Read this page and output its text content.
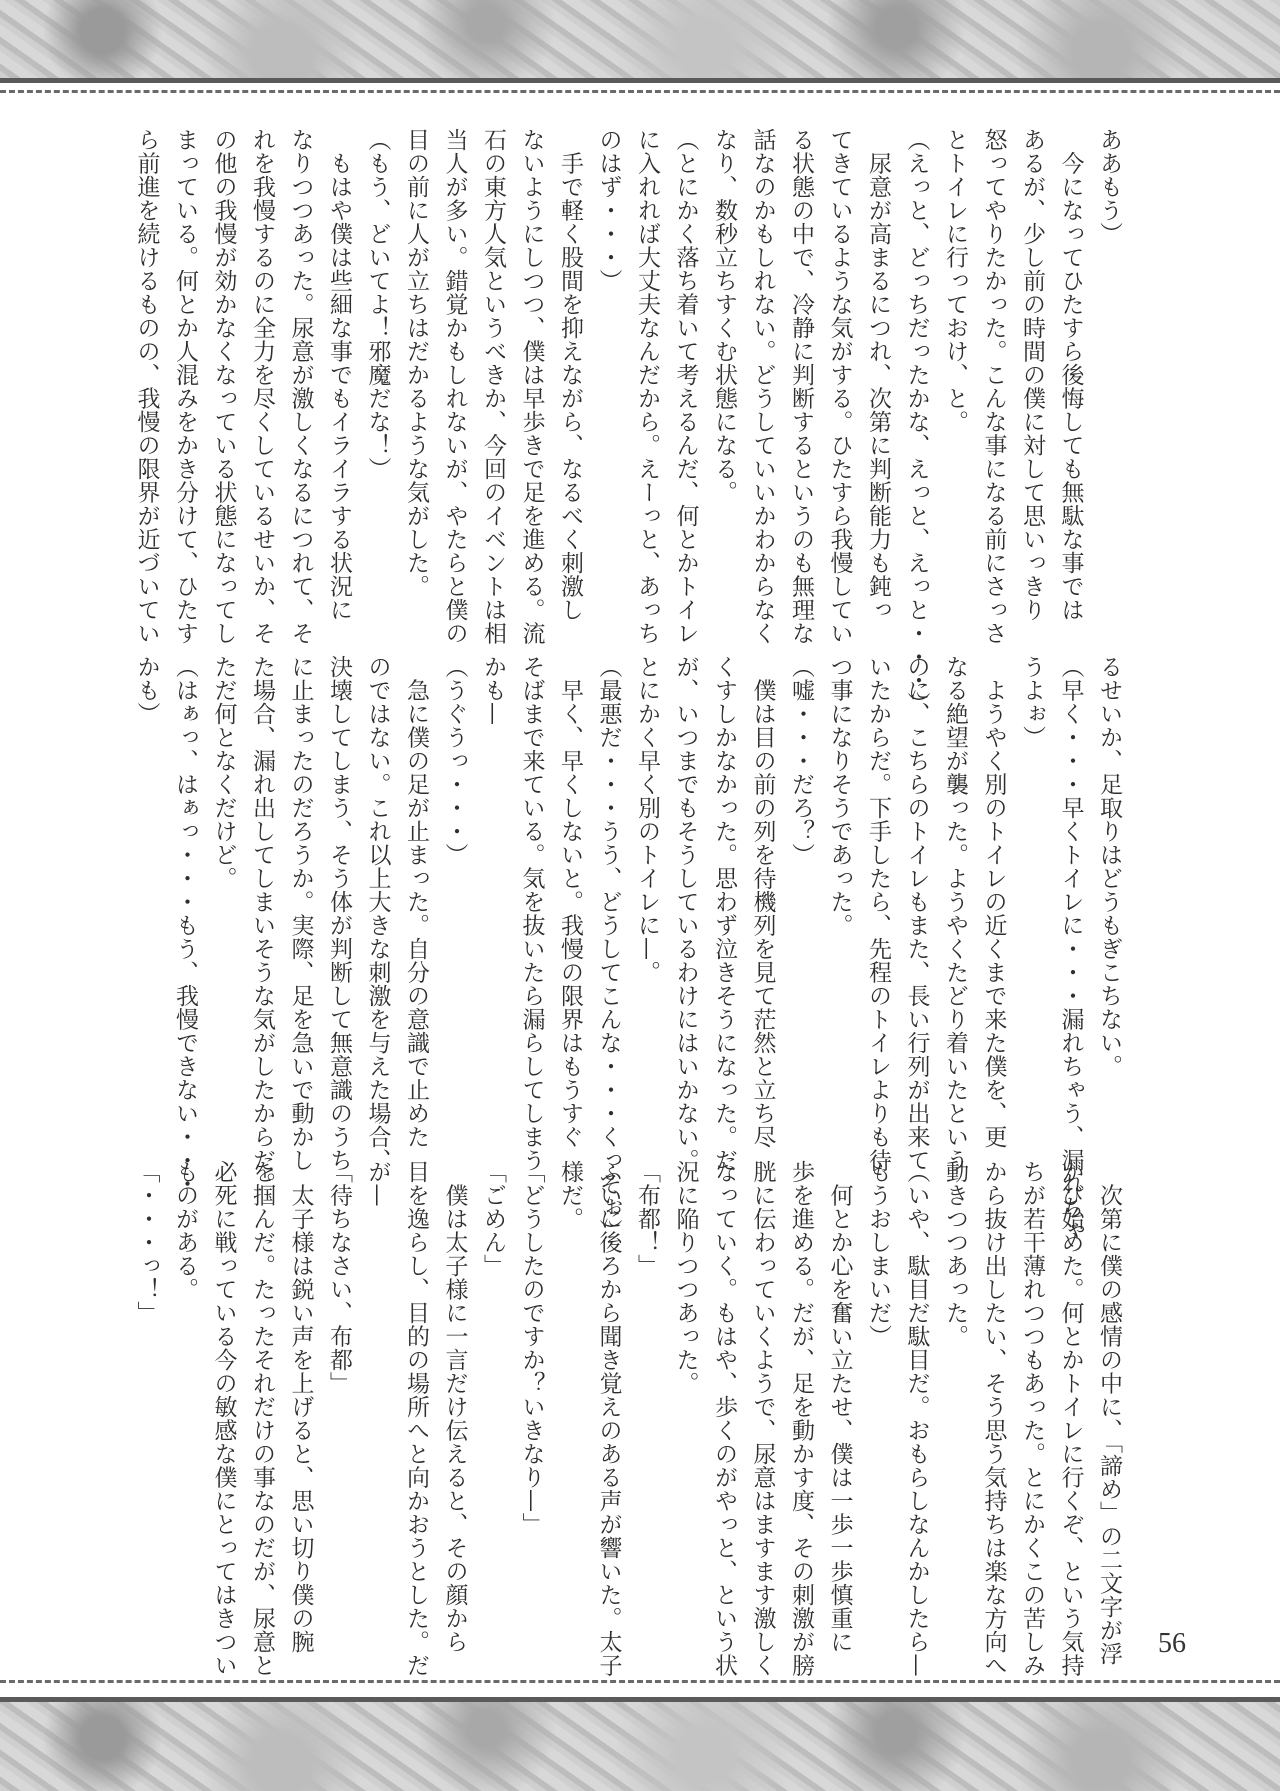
ああもう）

　今になってひたすら後悔しても無駄な事では

あるが、少し前の時間の僕に対して思いっきり

怒ってやりたかった。こんな事になる前にさっさ

とトイレに行っておけ、と。

（えっと、どっちだったかな、えっと、えっと・・・）

　尿意が高まるにつれ、次第に判断能力も鈍っ

てきているような気がする。ひたすら我慢してい

る状態の中で、冷静に判断するというのも無理な

話なのかもしれない。どうしていいかわからなく

なり、数秒立ちすくむ状態になる。

（とにかく落ち着いて考えるんだ、何とかトイレ

に入れれば大丈夫なんだから。えーっと、あっち

のはず・・・）

　手で軽く股間を抑えながら、なるべく刺激し

ないようにしつつ、僕は早歩きで足を進める。流

石の東方人気というべきか、今回のイベントは相

当人が多い。錯覚かもしれないが、やたらと僕の

目の前に人が立ちはだかるような気がした。

（もう、どいてよ！邪魔だな！）

　もはや僕は些細な事でもイライラする状況に

なりつつあった。尿意が激しくなるにつれて、そ

れを我慢するのに全力を尽くしているせいか、そ

の他の我慢が効かなくなっている状態になってし

まっている。何とか人混みをかき分けて、ひたす

ら前進を続けるものの、我慢の限界が近づいてい

るせいか、足取りはどうもぎこちない。

（早く・・・早くトイレに・・・漏れちゃう、漏れちゃ

うよぉ）

　ようやく別のトイレの近くまで来た僕を、更

なる絶望が襲った。ようやくたどり着いたという

のに、こちらのトイレもまた、長い行列が出来て

いたからだ。下手したら、先程のトイレよりも待

つ事になりそうであった。

（嘘・・・だろ？）

　僕は目の前の列を待機列を見て茫然と立ち尽

くすしかなかった。思わず泣きそうになった。だ

が、いつまでもそうしているわけにはいかない。

とにかく早く別のトイレに—。

（最悪だ・・・うう、どうしてこんな・・・くっそぉ）

　早く、早くしないと。我慢の限界はもうすぐ

そばまで来ている。気を抜いたら漏らしてしまう

かも—

（うぐうっ・・・）

　急に僕の足が止まった。自分の意識で止めた

のではない。これ以上大きな刺激を与えた場合、

決壊してしまう、そう体が判断して無意識のうち

に止まったのだろうか。実際、足を急いで動かし

た場合、漏れ出してしまいそうな気がしたからだ。

ただ何となくだけど。

（はぁっ、はぁっ・・・もう、我慢できない・・・

かも）

　次第に僕の感情の中に、「諦め」の二文字が浮

かび始めた。何とかトイレに行くぞ、という気持

ちが若干薄れつつもあった。とにかくこの苦しみ

から抜け出したい、そう思う気持ちは楽な方向へ

動きつつあった。

（いや、駄目だ駄目だ。おもらしなんかしたら—

もうおしまいだ）

　何とか心を奮い立たせ、僕は一歩一歩慎重に

歩を進める。だが、足を動かす度、その刺激が膀

胱に伝わっていくようで、尿意はますます激しく

なっていく。もはや、歩くのがやっと、という状

況に陥りつつあった。

「布都！」

ふいに後ろから聞き覚えのある声が響いた。太子

様だ。

「どうしたのですか？いきなり—」

「ごめん」

　僕は太子様に一言だけ伝えると、その顔から

目を逸らし、目的の場所へと向かおうとした。だ

が—

「待ちなさい、布都」

　太子様は鋭い声を上げると、思い切り僕の腕

を掴んだ。たったそれだけの事なのだが、尿意と

必死に戦っている今の敏感な僕にとってはきつい

ものがある。

「・・・っ！」

56
